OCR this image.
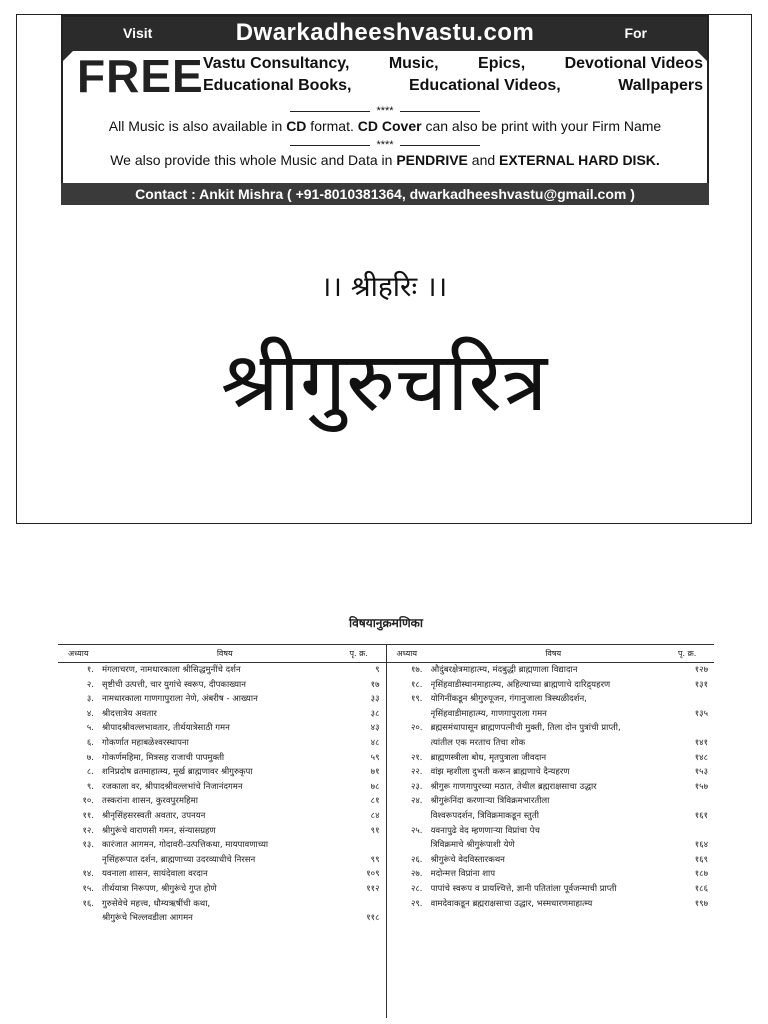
Visit	Dwarkadheeshvastu.com	For
FREE Vastu Consultancy, Music, Epics, Devotional Videos
Educational Books,	Educational Videos,	Wallpapers
****
All Music is also available in CD format. CD Cover can also be print with your Firm Name
****
We also provide this whole Music and Data in PENDRIVE and EXTERNAL HARD DISK.
Contact : Ankit Mishra ( +91-8010381364, dwarkadheeshvastu@gmail.com )
।। श्रीहरिः ।।
श्रीगुरुचरित्र
विषयानुक्रमणिका
अध्याय	विषय	पृ. क्र.
१. मंगलाचरण, नामधारकाला श्रीसिद्धमुनींचे दर्शन	९
२. सृष्टीची उत्पत्ती, चार युगांचे स्वरूप, दीपकाख्यान	१७
३. नामधारकाला गाणगापुराला नेणे, अंबरीष - आख्यान	३३
४. श्रीदत्तात्रेय अवतार	३८
५. श्रीपादश्रीवल्लभावतार, तीर्थयात्रेसाठी गमन	४३
६. गोकर्णात महाबळेश्वरस्थापना	४८
७. गोकर्णमहिमा, मित्रसह राजाची पापमुक्ती	५९
८. शनिप्रदोष व्रतमाहात्म्य, मूर्ख ब्राह्मणावर श्रीगुरुकृपा	७१
९. रजकाला वर, श्रीपादश्रीवल्लभांचे निजानंदगमन	७८
१०. तस्करांना शासन, कुरवपुरमहिमा	८१
११. श्रीनृसिंहसरस्वती अवतार, उपनयन	८४
१२. श्रीगुरूंचे वाराणसी गमन, संन्यासग्रहण	९१
१३. कारंजात आगमन, गोदावरी-उत्पत्तिकथा, मायपावणाच्या
नृसिंहरूपात दर्शन, ब्राह्मणाच्या उदरव्याधीचे निरसन	९९
१४. यवनाला शासन, सायंदेवाला वरदान	१०९
१५. तीर्थयात्रा निरूपण, श्रीगुरूंचे गुप्त होणे	११२
१६. गुरुसेवेचे महत्त्व, धौम्यऋषींची कथा,
श्रीगुरूंचे भिल्लवडीला आगमन	११८
अध्याय	विषय	पृ. क्र.
१७. औदुंबरक्षेत्रमाहात्म्य, मंदबुद्धी ब्राह्मणाला विद्यादान	१२७
१८. नृसिंहवाडीस्थानमाहात्म्य, अहिल्याच्या ब्राह्मणाचे दारिद्र्यहरण	१३१
१९. योगिनींकडून श्रीगुरुपूजन, गंगानुजाला त्रिस्थळीदर्शन,
नृसिंहवाडीमाहात्म्य, गाणगापुराला गमन	१३५
२०. ब्रह्मसमंधापासून ब्राह्मणपत्नीची मुक्ती, तिला दोन पुत्रांची प्राप्ती,
त्यांतील एक मरताच तिचा शोक	१४१
२१. ब्राह्मणस्त्रीला बोध, मृतपुत्राला जीवदान	१४८
२२. वांझ म्हशीला दुभती करून ब्राह्मणाचे दैन्यहरण	१५३
२३. श्रीगुरू गाणगापुरच्या मठात, तेथील ब्रह्मराक्षसाचा उद्धार	१५७
२४. श्रीगुरूंनिंदा करणाऱ्या त्रिविक्रमभारतीला
विश्वरूपदर्शन, त्रिविक्रमाकडून स्तुती	१६१
२५. यवनापुढे वेद म्हणणाऱ्या विप्रांचा पेच
त्रिविक्रमाचे श्रीगुरूंपाशी येणे	१६४
२६. श्रीगुरूंचे वेदविस्तारकथन	१६९
२७. मदोन्मत्त विप्रांना शाप	१८७
२८. पापांचे स्वरूप व प्रायश्चित्ते, ज्ञानी पतितांला पूर्वजन्माची प्राप्ती	१८६
२९. वामदेवाकडून ब्रह्मराक्षसाचा उद्धार, भस्मधारणमाहात्म्य	१९७
